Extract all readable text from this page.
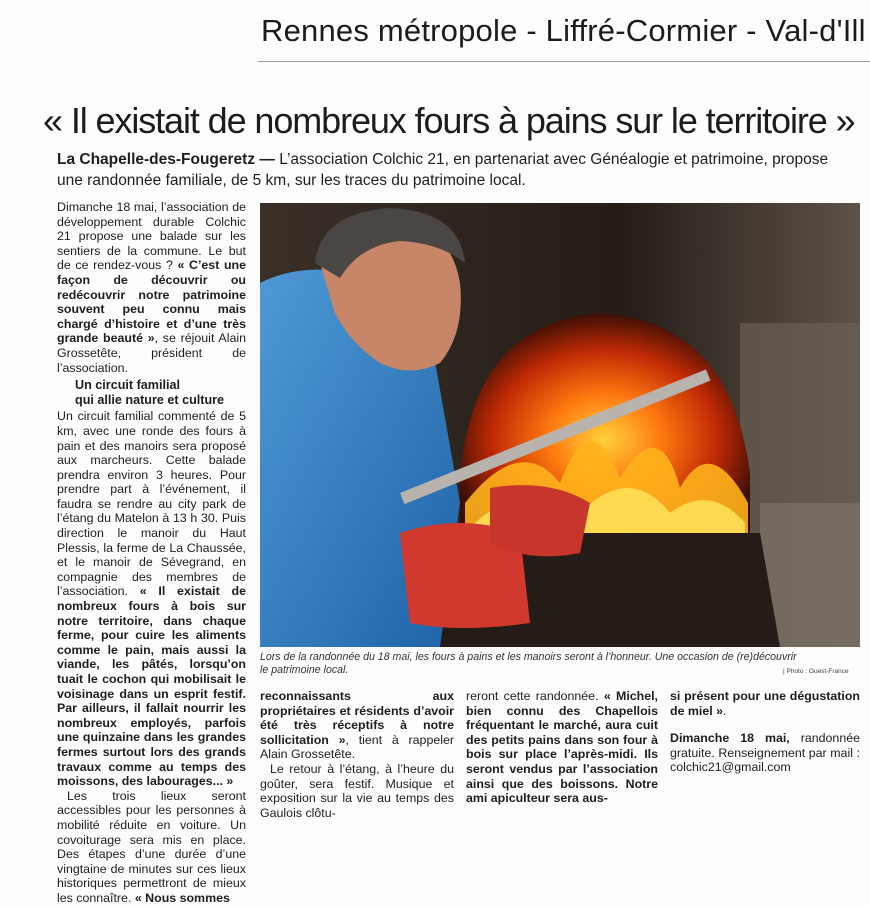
Rennes métropole - Liffré-Cormier - Val-d'Ill
« Il existait de nombreux fours à pains sur le territoire »
La Chapelle-des-Fougeretz — L’association Colchic 21, en partenariat avec Généalogie et patrimoine, propose une randonnée familiale, de 5 km, sur les traces du patrimoine local.

Dimanche 18 mai, l’association de développement durable Colchic 21 propose une balade sur les sentiers de la commune. Le but de ce rendez-vous ? « C’est une façon de découvrir ou redécouvrir notre patrimoine souvent peu connu mais chargé d’histoire et d’une très grande beauté », se réjouit Alain Grossetête, président de l’association.

Un circuit familial
qui allie nature et culture

Un circuit familial commenté de 5 km, avec une ronde des fours à pain et des manoirs sera proposé aux marcheurs. Cette balade prendra environ 3 heures. Pour prendre part à l’événement, il faudra se rendre au city park de l’étang du Matelon à 13 h 30. Puis direction le manoir du Haut Plessis, la ferme de La Chaussée, et le manoir de Sévegrand, en compagnie des membres de l’association. « Il existait de nombreux fours à bois sur notre territoire, dans chaque ferme, pour cuire les aliments comme le pain, mais aussi la viande, les pâtés, lorsqu’on tuait le cochon qui mobilisait le voisinage dans un esprit festif. Par ailleurs, il fallait nourrir les nombreux employés, parfois une quinzaine dans les grandes fermes surtout lors des grands travaux comme au temps des moissons, des labourages... »

Les trois lieux seront accessibles pour les personnes à mobilité réduite en voiture. Un covoiturage sera mis en place. Des étapes d’une durée d’une vingtaine de minutes sur ces lieux historiques permettront de mieux les connaître. « Nous sommes

Lors de la randonnée du 18 mai, les fours à pains et les manoirs seront à l’honneur. Une occasion de (re)découvrir le patrimoine local.	| Photo : Ouest-France

reconnaissants aux propriétaires et résidents d’avoir été très réceptifs à notre sollicitation », tient à rappeler Alain Grossetête.

Le retour à l’étang, à l’heure du goûter, sera festif. Musique et exposition sur la vie au temps des Gaulois clôtu-

reront cette randonnée. « Michel, bien connu des Chapellois fréquentant le marché, aura cuit des petits pains dans son four à bois sur place l’après-midi. Ils seront vendus par l’association ainsi que des boissons. Notre ami apiculteur sera aus-

si présent pour une dégustation de miel ».

Dimanche 18 mai, randonnée gratuite. Renseignement par mail : colchic21@gmail.com
